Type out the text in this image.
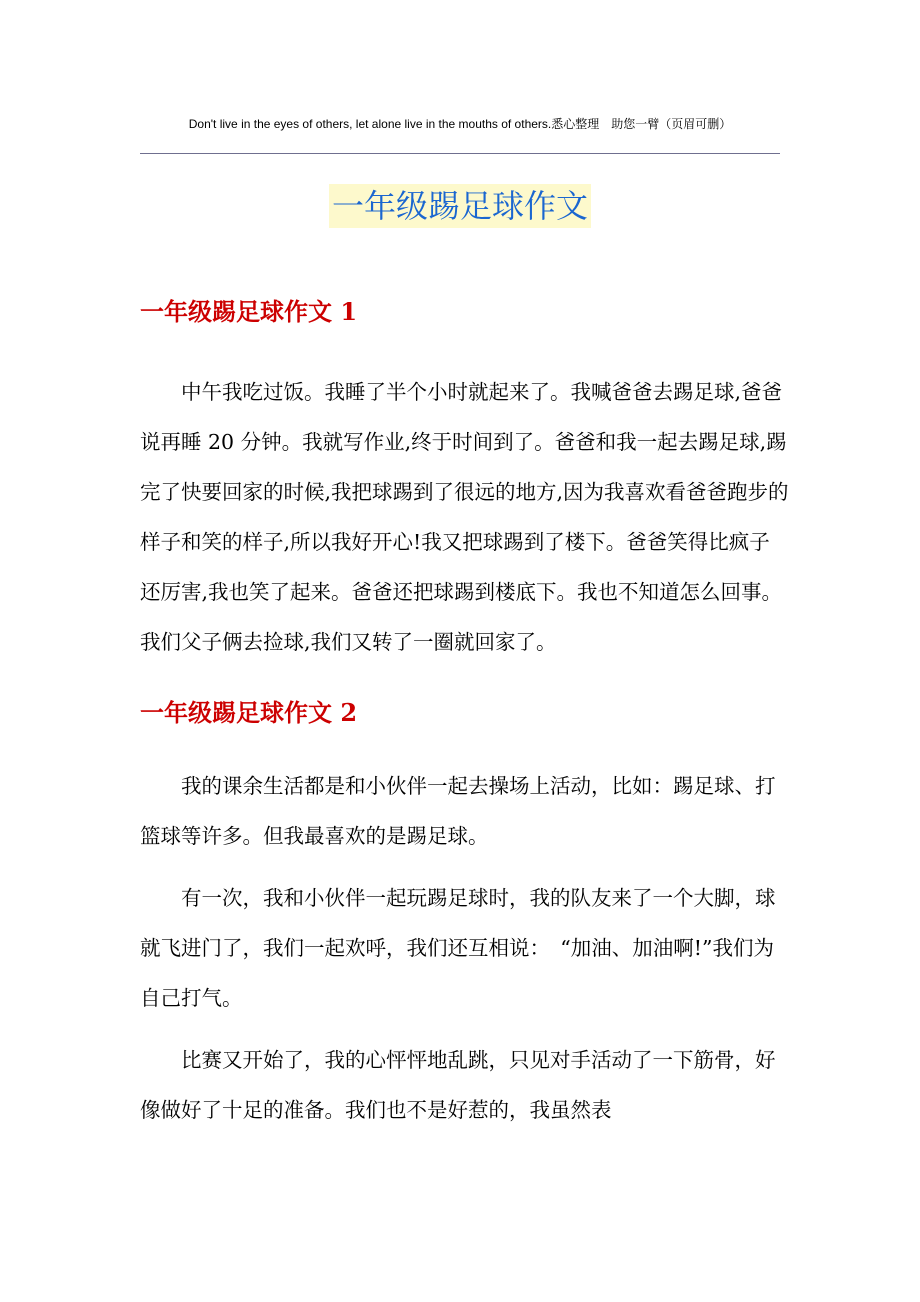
Don't live in the eyes of others, let alone live in the mouths of others.悉心整理　助您一臂（页眉可删）
一年级踢足球作文
一年级踢足球作文 1

中午我吃过饭。我睡了半个小时就起来了。我喊爸爸去踢足球,爸爸说再睡 20 分钟。我就写作业,终于时间到了。爸爸和我一起去踢足球,踢完了快要回家的时候,我把球踢到了很远的地方,因为我喜欢看爸爸跑步的样子和笑的样子,所以我好开心!我又把球踢到了楼下。爸爸笑得比疯子还厉害,我也笑了起来。爸爸还把球踢到楼底下。我也不知道怎么回事。我们父子俩去捡球,我们又转了一圈就回家了。

一年级踢足球作文 2

我的课余生活都是和小伙伴一起去操场上活动，比如：踢足球、打篮球等许多。但我最喜欢的是踢足球。

有一次，我和小伙伴一起玩踢足球时，我的队友来了一个大脚，球就飞进门了，我们一起欢呼，我们还互相说：　“加油、加油啊!”我们为自己打气。

比赛又开始了，我的心怦怦地乱跳，只见对手活动了一下筋骨，好像做好了十足的准备。我们也不是好惹的，我虽然表
